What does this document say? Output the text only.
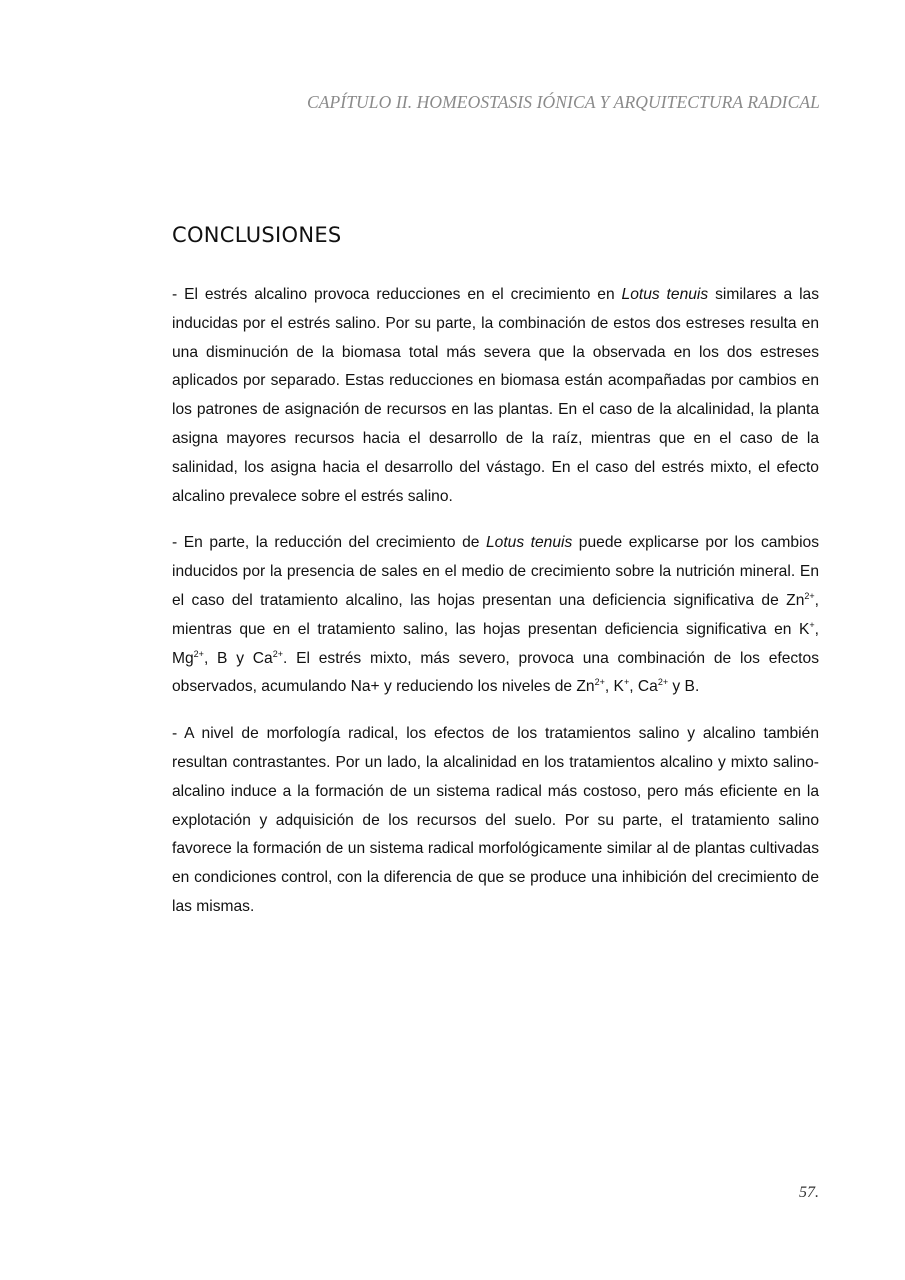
CAPÍTULO II. HOMEOSTASIS IÓNICA Y ARQUITECTURA RADICAL
CONCLUSIONES

- El estrés alcalino provoca reducciones en el crecimiento en Lotus tenuis similares a las inducidas por el estrés salino. Por su parte, la combinación de estos dos estreses resulta en una disminución de la biomasa total más severa que la observada en los dos estreses aplicados por separado. Estas reducciones en biomasa están acompañadas por cambios en los patrones de asignación de recursos en las plantas. En el caso de la alcalinidad, la planta asigna mayores recursos hacia el desarrollo de la raíz, mientras que en el caso de la salinidad, los asigna hacia el desarrollo del vástago. En el caso del estrés mixto, el efecto alcalino prevalece sobre el estrés salino.

- En parte, la reducción del crecimiento de Lotus tenuis puede explicarse por los cambios inducidos por la presencia de sales en el medio de crecimiento sobre la nutrición mineral. En el caso del tratamiento alcalino, las hojas presentan una deficiencia significativa de $Zn^{2+}$, mientras que en el tratamiento salino, las hojas presentan deficiencia significativa en K+, $Mg^{2+}$, B y $Ca^{2+}$. El estrés mixto, más severo, provoca una combinación de los efectos observados, acumulando Na+ y reduciendo los niveles de $Zn^{2+}$, K+, $Ca^{2+}$ y B.

- A nivel de morfología radical, los efectos de los tratamientos salino y alcalino también resultan contrastantes. Por un lado, la alcalinidad en los tratamientos alcalino y mixto salino-alcalino induce a la formación de un sistema radical más costoso, pero más eficiente en la explotación y adquisición de los recursos del suelo. Por su parte, el tratamiento salino favorece la formación de un sistema radical morfológicamente similar al de plantas cultivadas en condiciones control, con la diferencia de que se produce una inhibición del crecimiento de las mismas.

57.
